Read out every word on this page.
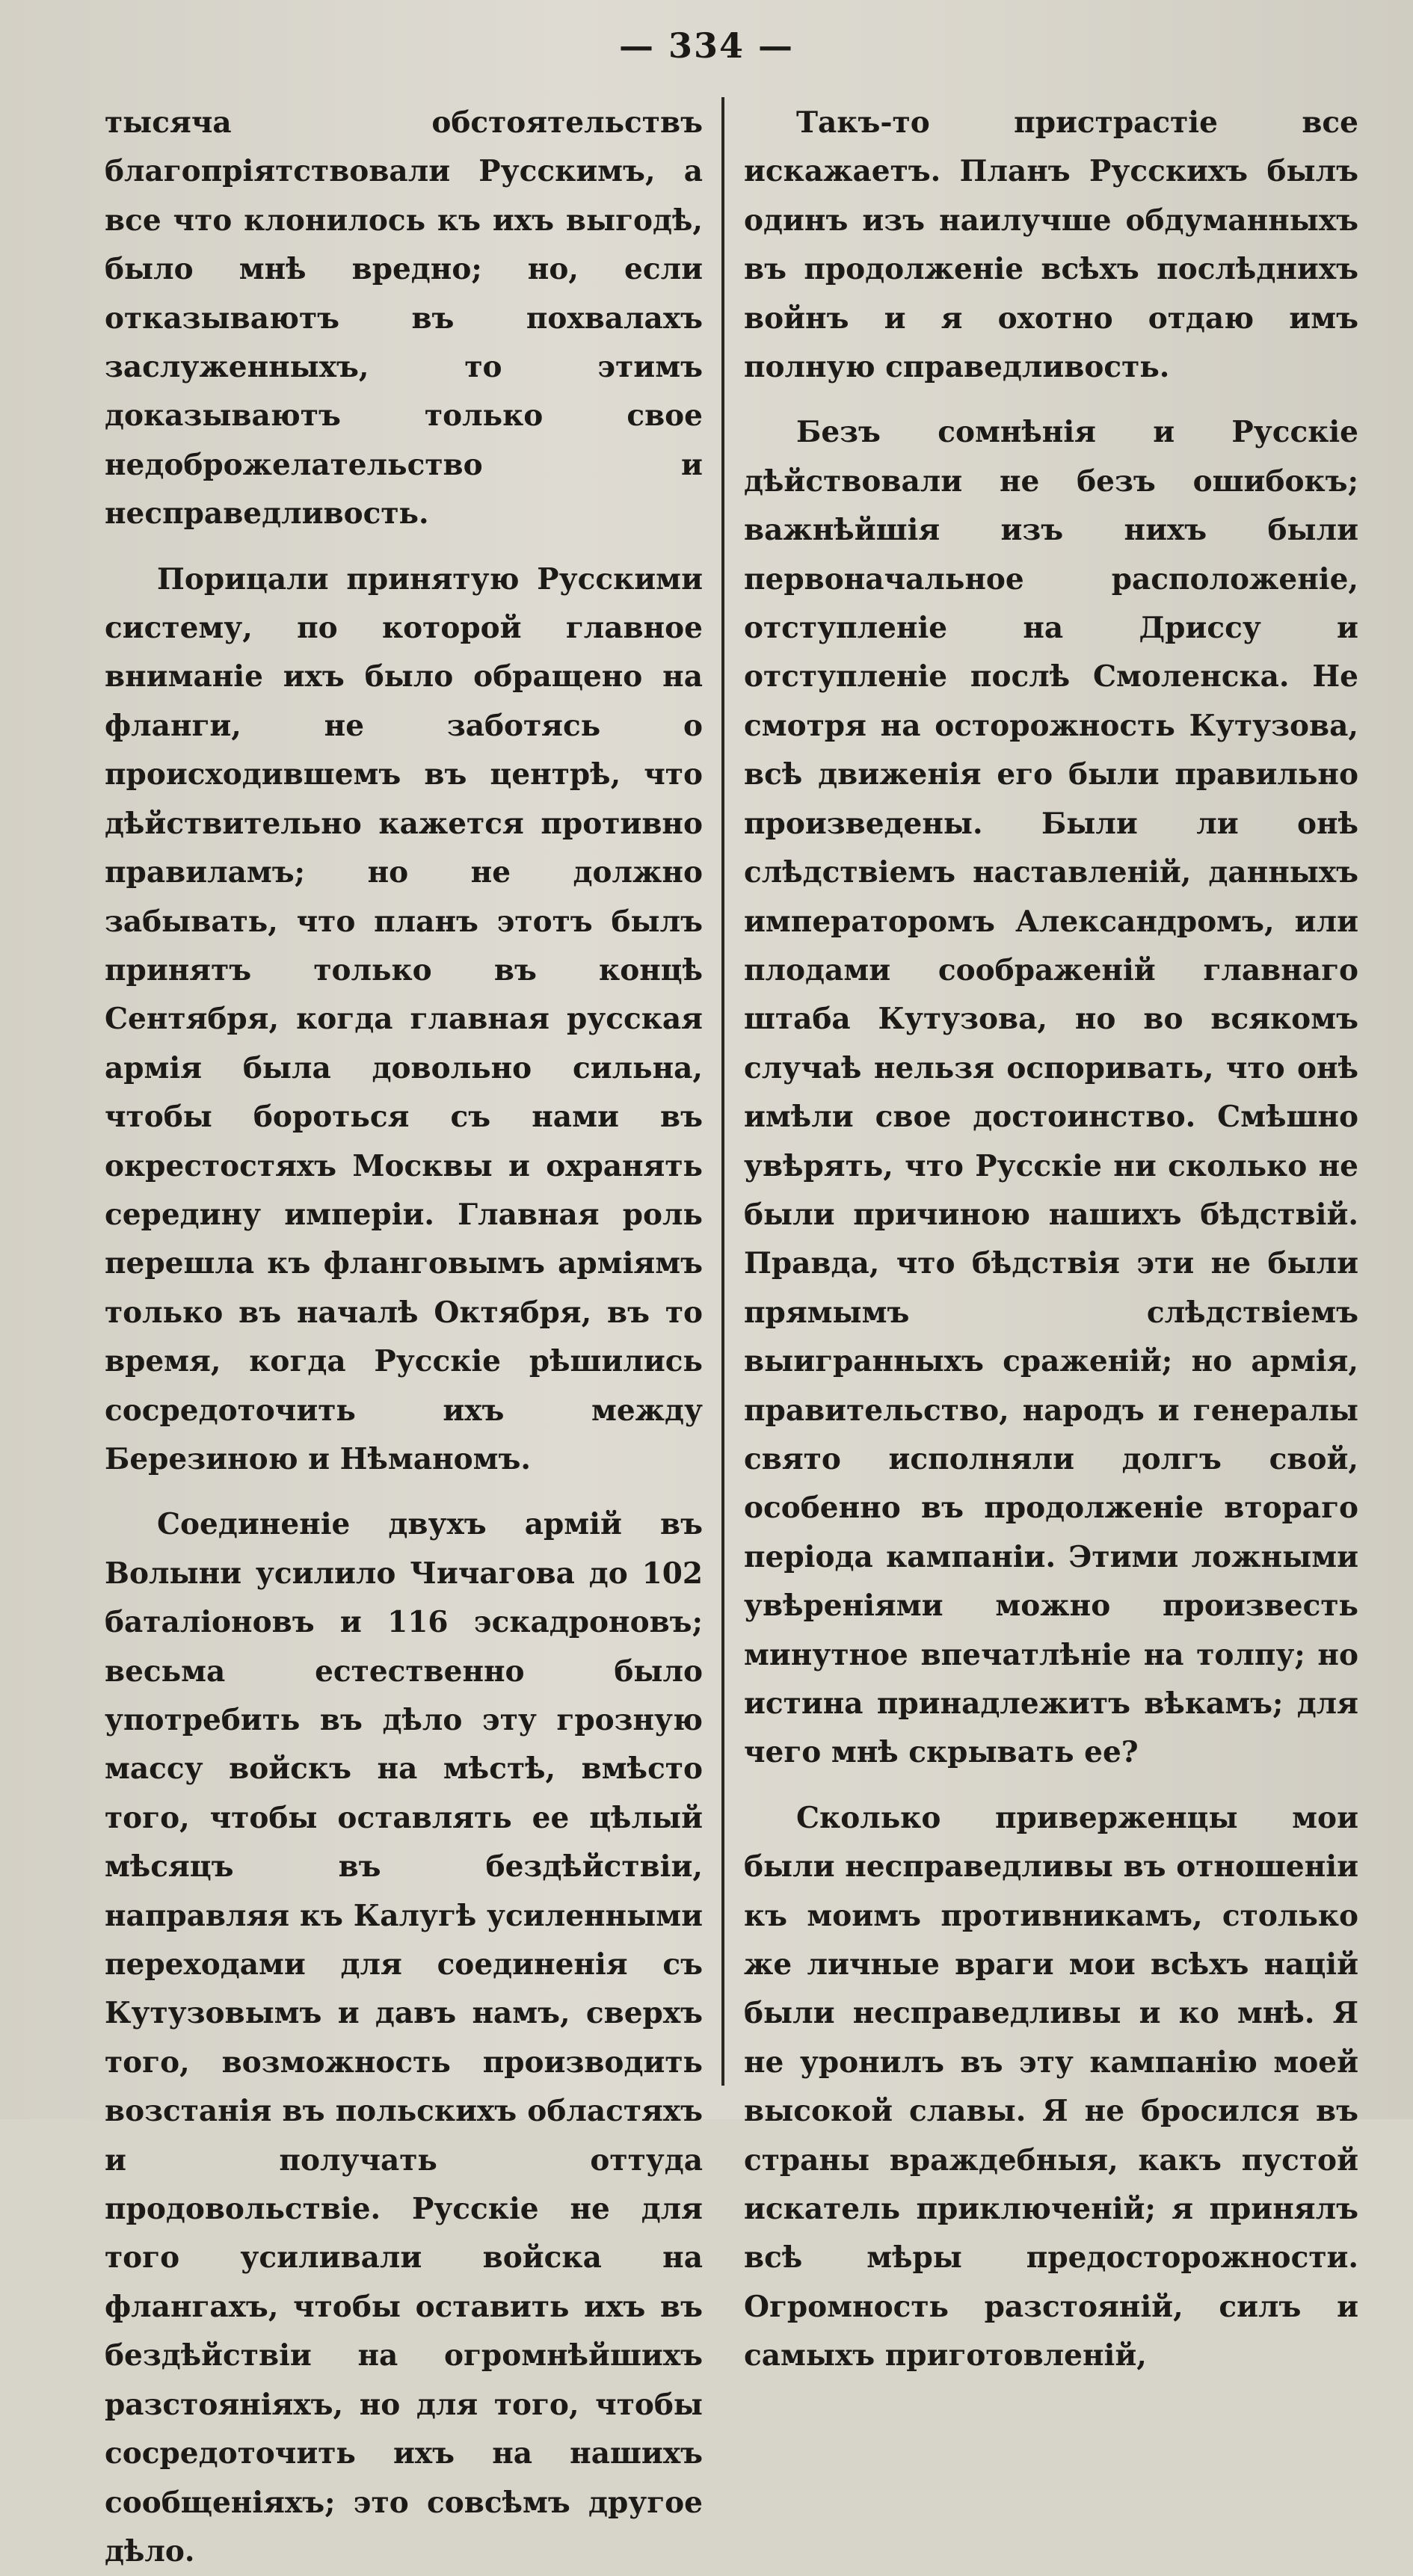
— 334 —

тысяча обстоятельствъ благопріятствовали Русскимъ, а все что клонилось къ ихъ выгодѣ, было мнѣ вредно; но, если отказываютъ въ похвалахъ заслуженныхъ, то этимъ доказываютъ только свое недоброжелательство и несправедливость.

Порицали принятую Русскими систему, по которой главное вниманіе ихъ было обращено на фланги, не заботясь о происходившемъ въ центрѣ, что дѣйствительно кажется противно правиламъ; но не должно забывать, что планъ этотъ былъ принятъ только въ концѣ Сентября, когда главная русская армія была довольно сильна, чтобы бороться съ нами въ окрестостяхъ Москвы и охранять середину имперіи. Главная роль перешла къ фланговымъ арміямъ только въ началѣ Октября, въ то время, когда Русскіе рѣшились сосредоточить ихъ между Березиною и Нѣманомъ.

Соединеніе двухъ армій въ Волыни усилило Чичагова до 102 баталіоновъ и 116 эскадроновъ; весьма естественно было употребить въ дѣло эту грозную массу войскъ на мѣстѣ, вмѣсто того, чтобы оставлять ее цѣлый мѣсяцъ въ бездѣйствіи, направляя къ Калугѣ усиленными переходами для соединенія съ Кутузовымъ и давъ намъ, сверхъ того, возможность производить возстанія въ польскихъ областяхъ и получать оттуда продовольствіе. Русскіе не для того усиливали войска на флангахъ, чтобы оставить ихъ въ бездѣйствіи на огромнѣйшихъ разстояніяхъ, но для того, чтобы сосредоточить ихъ на нашихъ сообщеніяхъ; это совсѣмъ другое дѣло.

Такъ-то пристрастіе все искажаетъ. Планъ Русскихъ былъ одинъ изъ наилучше обдуманныхъ въ продолженіе всѣхъ послѣднихъ войнъ и я охотно отдаю имъ полную справедливость.

Безъ сомнѣнія и Русскіе дѣйствовали не безъ ошибокъ; важнѣйшія изъ нихъ были первоначальное расположеніе, отступленіе на Дриссу и отступленіе послѣ Смоленска. Не смотря на осторожность Кутузова, всѣ движенія его были правильно произведены. Были ли онѣ слѣдствіемъ наставленій, данныхъ императоромъ Александромъ, или плодами соображеній главнаго штаба Кутузова, но во всякомъ случаѣ нельзя оспоривать, что онѣ имѣли свое достоинство. Смѣшно увѣрять, что Русскіе ни сколько не были причиною нашихъ бѣдствій. Правда, что бѣдствія эти не были прямымъ слѣдствіемъ выигранныхъ сраженій; но армія, правительство, народъ и генералы свято исполняли долгъ свой, особенно въ продолженіе втораго періода кампаніи. Этими ложными увѣреніями можно произвесть минутное впечатлѣніе на толпу; но истина принадлежитъ вѣкамъ; для чего мнѣ скрывать ее?

Сколько приверженцы мои были несправедливы въ отношеніи къ моимъ противникамъ, столько же личные враги мои всѣхъ націй были несправедливы и ко мнѣ. Я не уронилъ въ эту кампанію моей высокой славы. Я не бросился въ страны враждебныя, какъ пустой искатель приключеній; я принялъ всѣ мѣры предосторожности. Огромность разстояній, силъ и самыхъ приготовленій,
